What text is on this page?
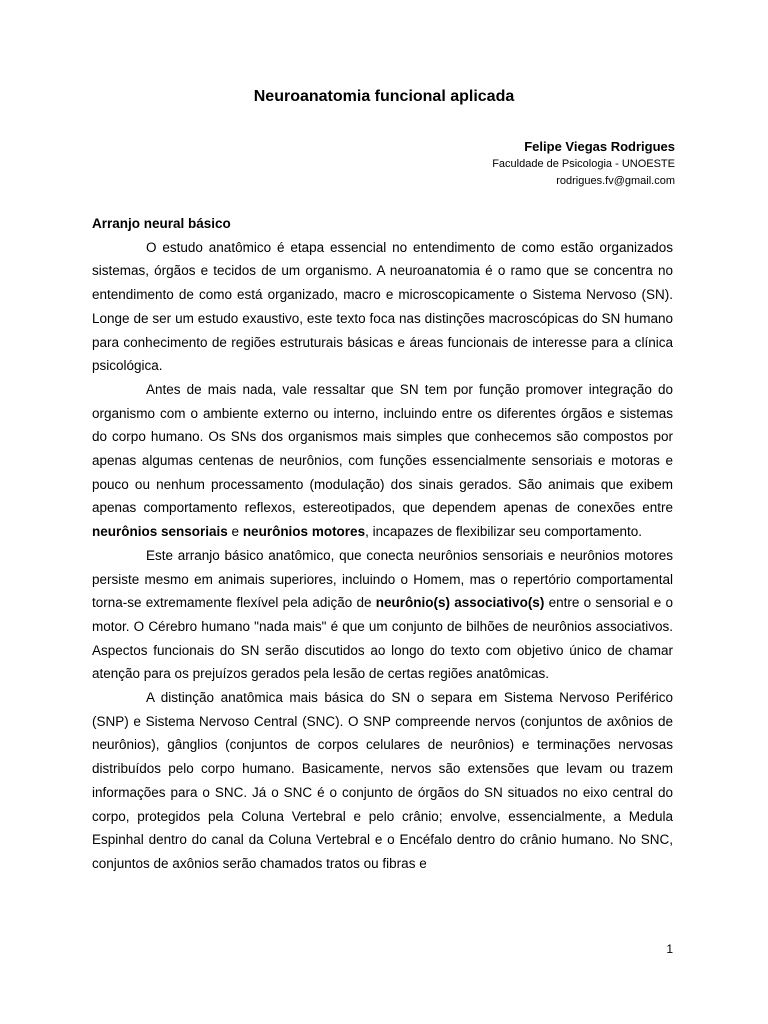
Neuroanatomia funcional aplicada
Felipe Viegas Rodrigues
Faculdade de Psicologia - UNOESTE
rodrigues.fv@gmail.com
Arranjo neural básico

O estudo anatômico é etapa essencial no entendimento de como estão organizados sistemas, órgãos e tecidos de um organismo. A neuroanatomia é o ramo que se concentra no entendimento de como está organizado, macro e microscopicamente o Sistema Nervoso (SN). Longe de ser um estudo exaustivo, este texto foca nas distinções macroscópicas do SN humano para conhecimento de regiões estruturais básicas e áreas funcionais de interesse para a clínica psicológica.

Antes de mais nada, vale ressaltar que SN tem por função promover integração do organismo com o ambiente externo ou interno, incluindo entre os diferentes órgãos e sistemas do corpo humano. Os SNs dos organismos mais simples que conhecemos são compostos por apenas algumas centenas de neurônios, com funções essencialmente sensoriais e motoras e pouco ou nenhum processamento (modulação) dos sinais gerados. São animais que exibem apenas comportamento reflexos, estereotipados, que dependem apenas de conexões entre neurônios sensoriais e neurônios motores, incapazes de flexibilizar seu comportamento.

Este arranjo básico anatômico, que conecta neurônios sensoriais e neurônios motores persiste mesmo em animais superiores, incluindo o Homem, mas o repertório comportamental torna-se extremamente flexível pela adição de neurônio(s) associativo(s) entre o sensorial e o motor. O Cérebro humano "nada mais" é que um conjunto de bilhões de neurônios associativos. Aspectos funcionais do SN serão discutidos ao longo do texto com objetivo único de chamar atenção para os prejuízos gerados pela lesão de certas regiões anatômicas.

A distinção anatômica mais básica do SN o separa em Sistema Nervoso Periférico (SNP) e Sistema Nervoso Central (SNC). O SNP compreende nervos (conjuntos de axônios de neurônios), gânglios (conjuntos de corpos celulares de neurônios) e terminações nervosas distribuídos pelo corpo humano. Basicamente, nervos são extensões que levam ou trazem informações para o SNC. Já o SNC é o conjunto de órgãos do SN situados no eixo central do corpo, protegidos pela Coluna Vertebral e pelo crânio; envolve, essencialmente, a Medula Espinhal dentro do canal da Coluna Vertebral e o Encéfalo dentro do crânio humano. No SNC, conjuntos de axônios serão chamados tratos ou fibras e

1
